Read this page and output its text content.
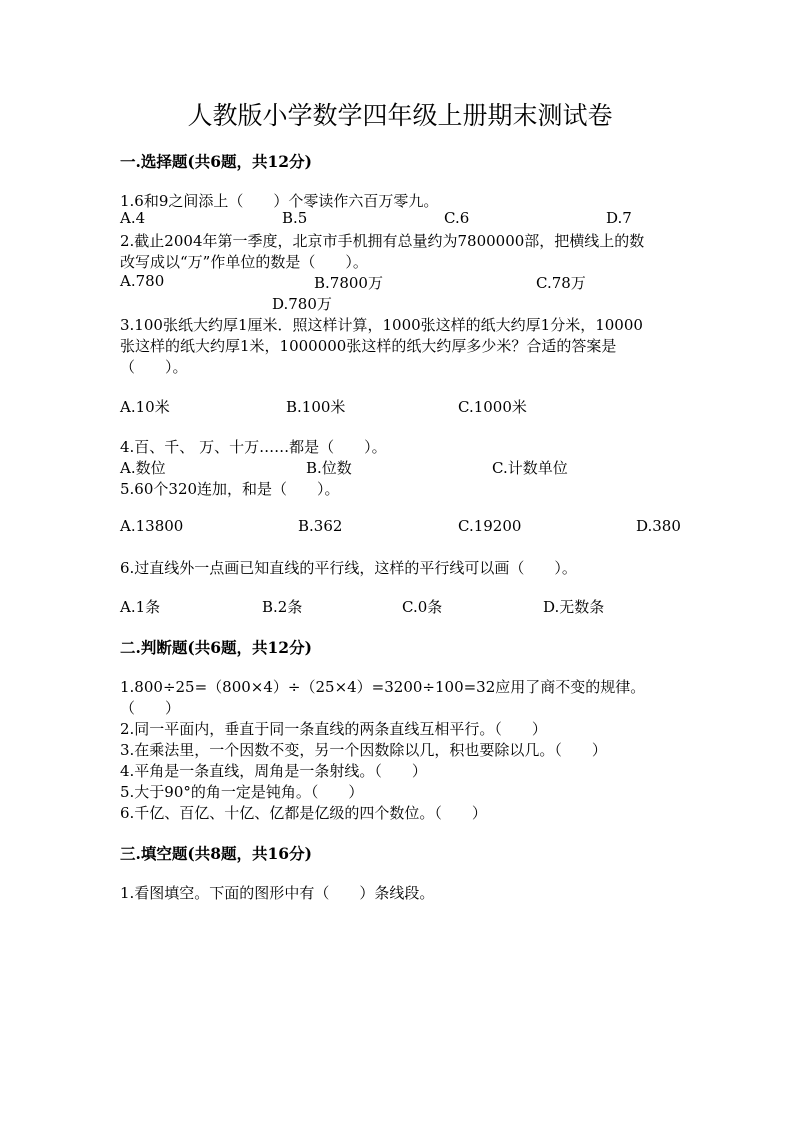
人教版小学数学四年级上册期末测试卷
一.选择题(共6题，共12分)
1.6和9之间添上（　　）个零读作六百万零九。
A.4	B.5	C.6	D.7
2.截止2004年第一季度，北京市手机拥有总量约为7800000部，把横线上的数
改写成以“万”作单位的数是（　　）。
A.780	B.7800万	C.78万
D.780万
3.100张纸大约厚1厘米．照这样计算，1000张这样的纸大约厚1分米，10000
张这样的纸大约厚1米，1000000张这样的纸大约厚多少米？合适的答案是
（　　）。
A.10米	B.100米	C.1000米
4.百、千、 万、十万……都是（　　）。
A.数位	B.位数	C.计数单位
5.60个320连加，和是（　　）。
A.13800	B.362	C.19200	D.380
6.过直线外一点画已知直线的平行线，这样的平行线可以画（　　）。
A.1条	B.2条	C.0条	D.无数条
二.判断题(共6题，共12分)
1.800÷25=（800×4）÷（25×4）=3200÷100=32应用了商不变的规律。
（　　）
2.同一平面内，垂直于同一条直线的两条直线互相平行。（　　）
3.在乘法里，一个因数不变，另一个因数除以几，积也要除以几。（　　）
4.平角是一条直线，周角是一条射线。（　　）
5.大于90°的角一定是钝角。（　　）
6.千亿、百亿、十亿、亿都是亿级的四个数位。（　　）
三.填空题(共8题，共16分)
1.看图填空。下面的图形中有（　　）条线段。
